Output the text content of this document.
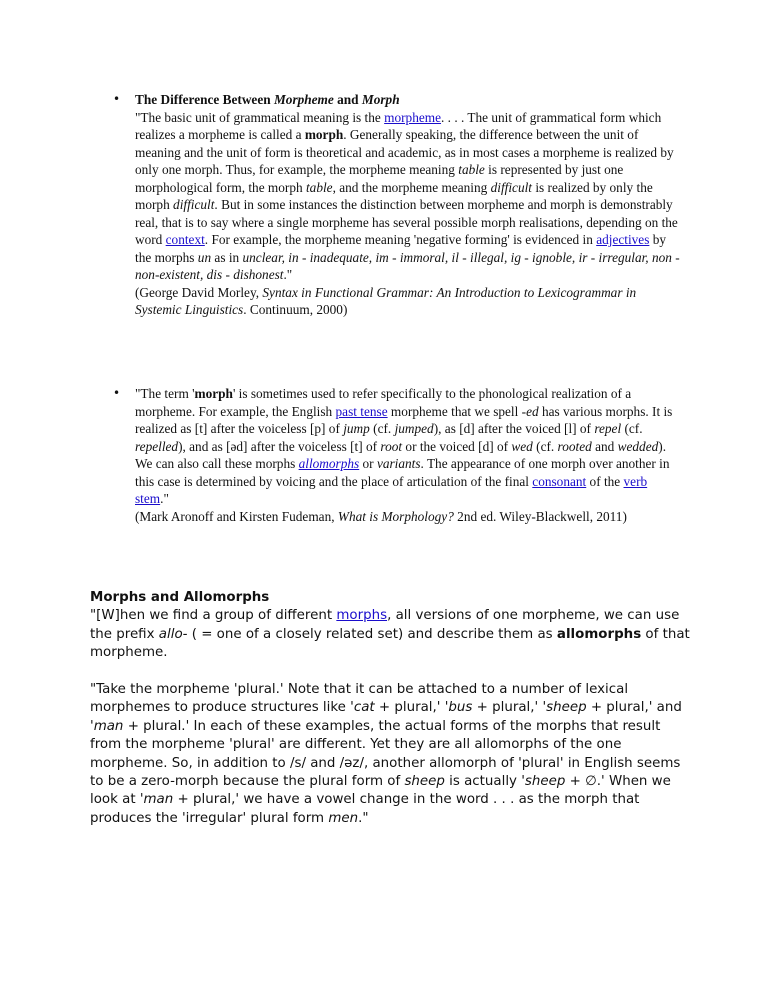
• The Difference Between Morpheme and Morph

"The basic unit of grammatical meaning is the morpheme. . . . The unit of grammatical form which realizes a morpheme is called a morph. Generally speaking, the difference between the unit of meaning and the unit of form is theoretical and academic, as in most cases a morpheme is realized by only one morph. Thus, for example, the morpheme meaning table is represented by just one morphological form, the morph table, and the morpheme meaning difficult is realized by only the morph difficult. But in some instances the distinction between morpheme and morph is demonstrably real, that is to say where a single morpheme has several possible morph realisations, depending on the word context. For example, the morpheme meaning 'negative forming' is evidenced in adjectives by the morphs un as in unclear, in - inadequate, im - immoral, il - illegal, ig - ignoble, ir - irregular, non - non-existent, dis - dishonest."

(George David Morley, Syntax in Functional Grammar: An Introduction to Lexicogrammar in Systemic Linguistics. Continuum, 2000)

• "The term 'morph' is sometimes used to refer specifically to the phonological realization of a morpheme. For example, the English past tense morpheme that we spell -ed has various morphs. It is realized as [t] after the voiceless [p] of jump (cf. jumped), as [d] after the voiced [l] of repel (cf. repelled), and as [əd] after the voiceless [t] of root or the voiced [d] of wed (cf. rooted and wedded). We can also call these morphs allomorphs or variants. The appearance of one morph over another in this case is determined by voicing and the place of articulation of the final consonant of the verb stem."

(Mark Aronoff and Kirsten Fudeman, What is Morphology? 2nd ed. Wiley-Blackwell, 2011)

Morphs and Allomorphs

"[W]hen we find a group of different morphs, all versions of one morpheme, we can use the prefix allo- ( = one of a closely related set) and describe them as allomorphs of that morpheme.

"Take the morpheme 'plural.' Note that it can be attached to a number of lexical morphemes to produce structures like 'cat + plural,' 'bus + plural,' 'sheep + plural,' and 'man + plural.' In each of these examples, the actual forms of the morphs that result from the morpheme 'plural' are different. Yet they are all allomorphs of the one morpheme. So, in addition to /s/ and /əz/, another allomorph of 'plural' in English seems to be a zero-morph because the plural form of sheep is actually 'sheep + ∅.' When we look at 'man + plural,' we have a vowel change in the word . . . as the morph that produces the 'irregular' plural form men."
